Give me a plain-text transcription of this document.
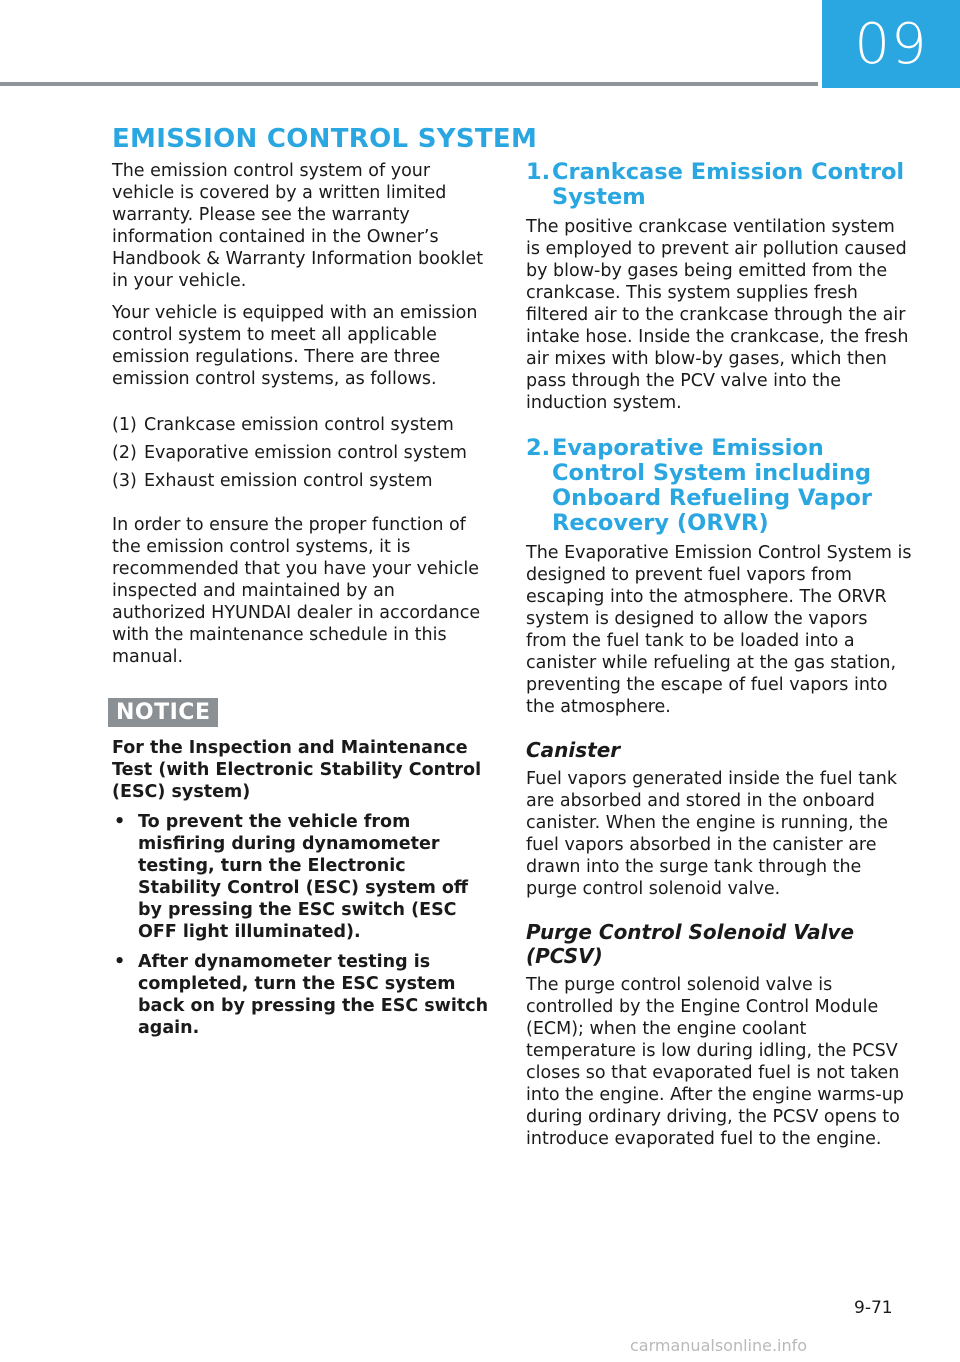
09
EMISSION CONTROL SYSTEM

The emission control system of your vehicle is covered by a written limited warranty. Please see the warranty information contained in the Owner’s Handbook & Warranty Information booklet in your vehicle.

Your vehicle is equipped with an emission control system to meet all applicable emission regulations. There are three emission control systems, as follows.

(1) Crankcase emission control system
(2) Evaporative emission control system
(3) Exhaust emission control system

In order to ensure the proper function of the emission control systems, it is recommended that you have your vehicle inspected and maintained by an authorized HYUNDAI dealer in accordance with the maintenance schedule in this manual.

NOTICE
For the Inspection and Maintenance Test (with Electronic Stability Control (ESC) system)
• To prevent the vehicle from misfiring during dynamometer testing, turn the Electronic Stability Control (ESC) system off by pressing the ESC switch (ESC OFF light illuminated).
• After dynamometer testing is completed, turn the ESC system back on by pressing the ESC switch again.
1. Crankcase Emission Control System

The positive crankcase ventilation system is employed to prevent air pollution caused by blow-by gases being emitted from the crankcase. This system supplies fresh filtered air to the crankcase through the air intake hose. Inside the crankcase, the fresh air mixes with blow-by gases, which then pass through the PCV valve into the induction system.

2. Evaporative Emission Control System including Onboard Refueling Vapor Recovery (ORVR)

The Evaporative Emission Control System is designed to prevent fuel vapors from escaping into the atmosphere. The ORVR system is designed to allow the vapors from the fuel tank to be loaded into a canister while refueling at the gas station, preventing the escape of fuel vapors into the atmosphere.

Canister

Fuel vapors generated inside the fuel tank are absorbed and stored in the onboard canister. When the engine is running, the fuel vapors absorbed in the canister are drawn into the surge tank through the purge control solenoid valve.

Purge Control Solenoid Valve (PCSV)

The purge control solenoid valve is controlled by the Engine Control Module (ECM); when the engine coolant temperature is low during idling, the PCSV closes so that evaporated fuel is not taken into the engine. After the engine warms-up during ordinary driving, the PCSV opens to introduce evaporated fuel to the engine.

9-71
carmanualsonline.info
